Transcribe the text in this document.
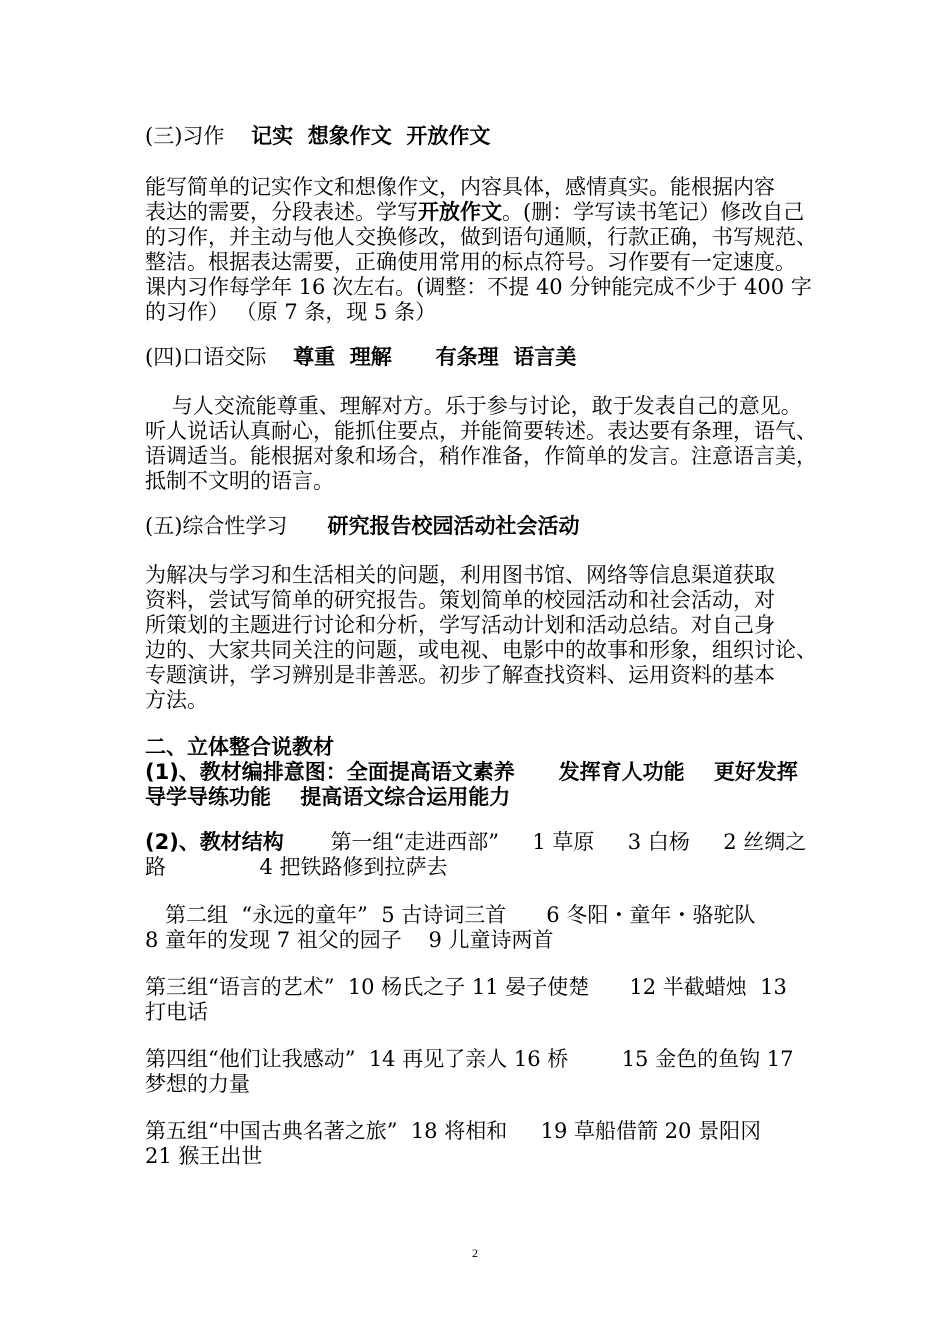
(三)习作 记实  想象作文  开放作文
能写简单的记实作文和想像作文，内容具体，感情真实。能根据内容
表达的需要，分段表述。学写开放作文。(删：学写读书笔记）修改自己
的习作，并主动与他人交换修改，做到语句通顺，行款正确，书写规范、
整洁。根据表达需要，正确使用常用的标点符号。习作要有一定速度。
课内习作每学年 16 次左右。(调整：不提 40 分钟能完成不少于 400 字
的习作） （原 7 条，现 5 条）
(四)口语交际 尊重  理解      有条理  语言美
与人交流能尊重、理解对方。乐于参与讨论，敢于发表自己的意见。
听人说话认真耐心，能抓住要点，并能简要转述。表达要有条理，语气、
语调适当。能根据对象和场合，稍作准备，作简单的发言。注意语言美，
抵制不文明的语言。
(五)综合性学习 研究报告校园活动社会活动
为解决与学习和生活相关的问题，利用图书馆、网络等信息渠道获取
资料，尝试写简单的研究报告。策划简单的校园活动和社会活动，对
所策划的主题进行讨论和分析，学写活动计划和活动总结。对自己身
边的、大家共同关注的问题，或电视、电影中的故事和形象，组织讨论、
专题演讲，学习辨别是非善恶。初步了解查找资料、运用资料的基本
方法。
二、立体整合说教材
(1)、教材编排意图：全面提高语文素养      发挥育人功能    更好发挥
导学导练功能    提高语文综合运用能力
(2)、教材结构       第一组“走进西部”     1 草原     3 白杨     2 丝绸之
路              4 把铁路修到拉萨去
第二组  “永远的童年”  5 古诗词三首      6 冬阳・童年・骆驼队
8 童年的发现 7 祖父的园子    9 儿童诗两首
第三组“语言的艺术”  10 杨氏之子 11 晏子使楚      12 半截蜡烛  13
打电话
第四组“他们让我感动”  14 再见了亲人 16 桥        15 金色的鱼钩 17
梦想的力量
第五组“中国古典名著之旅”  18 将相和     19 草船借箭 20 景阳冈
21 猴王出世
2
